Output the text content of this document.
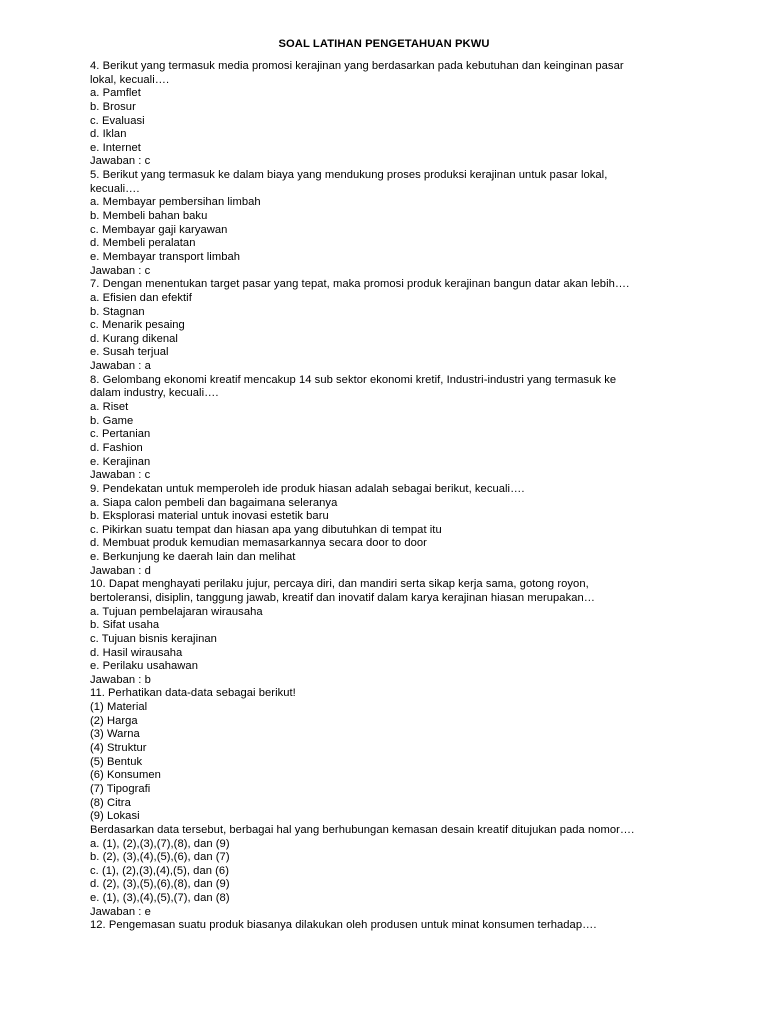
SOAL LATIHAN PENGETAHUAN PKWU
4. Berikut yang termasuk media promosi kerajinan yang berdasarkan pada kebutuhan dan keinginan pasar
lokal, kecuali….
a. Pamflet
b. Brosur
c. Evaluasi
d. Iklan
e. Internet
Jawaban : c
5. Berikut yang termasuk ke dalam biaya yang mendukung proses produksi kerajinan untuk pasar lokal,
kecuali….
a. Membayar pembersihan limbah
b. Membeli bahan baku
c. Membayar gaji karyawan
d. Membeli peralatan
e. Membayar transport limbah
Jawaban : c
7. Dengan menentukan target pasar yang tepat, maka promosi produk kerajinan bangun datar akan lebih….
a. Efisien dan efektif
b. Stagnan
c. Menarik pesaing
d. Kurang dikenal
e. Susah terjual
Jawaban : a
8. Gelombang ekonomi kreatif mencakup 14 sub sektor ekonomi kretif, Industri-industri yang termasuk ke
dalam industry, kecuali….
a. Riset
b. Game
c. Pertanian
d. Fashion
e. Kerajinan
Jawaban : c
9. Pendekatan untuk memperoleh ide produk hiasan adalah sebagai berikut, kecuali….
a. Siapa calon pembeli dan bagaimana seleranya
b. Eksplorasi material untuk inovasi estetik baru
c. Pikirkan suatu tempat dan hiasan apa yang dibutuhkan di tempat itu
d. Membuat produk kemudian memasarkannya secara door to door
e. Berkunjung ke daerah lain dan melihat
Jawaban : d
10. Dapat menghayati perilaku jujur, percaya diri, dan mandiri serta sikap kerja sama, gotong royon,
bertoleransi, disiplin, tanggung jawab, kreatif dan inovatif dalam karya kerajinan hiasan merupakan…
a. Tujuan pembelajaran wirausaha
b. Sifat usaha
c. Tujuan bisnis kerajinan
d. Hasil wirausaha
e. Perilaku usahawan
Jawaban : b
11. Perhatikan data-data sebagai berikut!
(1) Material
(2) Harga
(3) Warna
(4) Struktur
(5) Bentuk
(6) Konsumen
(7) Tipografi
(8) Citra
(9) Lokasi
Berdasarkan data tersebut, berbagai hal yang berhubungan kemasan desain kreatif ditujukan pada nomor….
a. (1), (2),(3),(7),(8), dan (9)
b. (2), (3),(4),(5),(6), dan (7)
c. (1), (2),(3),(4),(5), dan (6)
d. (2), (3),(5),(6),(8), dan (9)
e. (1), (3),(4),(5),(7), dan (8)
Jawaban : e
12. Pengemasan suatu produk biasanya dilakukan oleh produsen untuk minat konsumen terhadap….
